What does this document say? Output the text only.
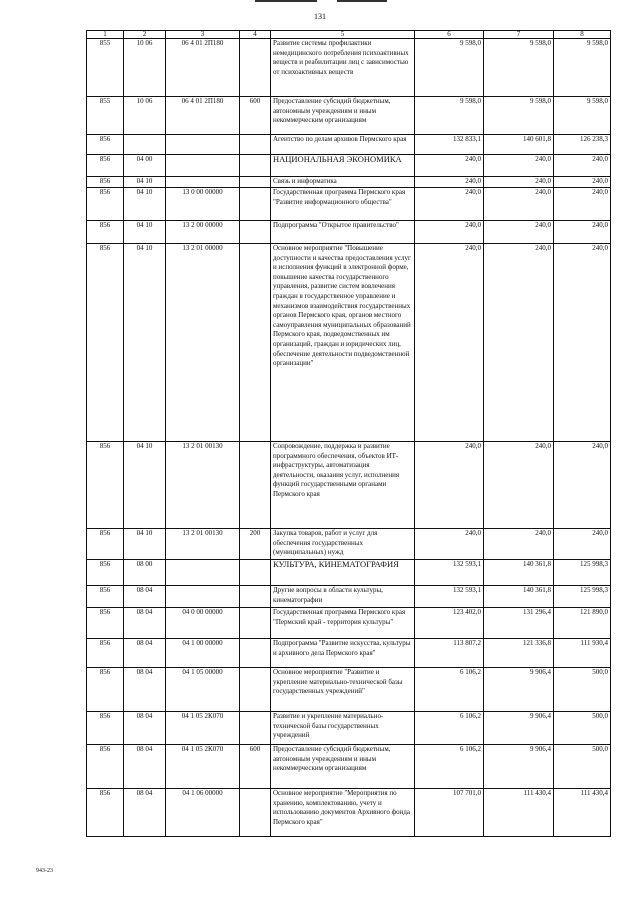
131
1	2	3	4	5	6	7	8
855	10 06	06 4 01 2П180		Развитие системы профилактики немедицинского потребления психоактивных веществ и реабилитации лиц с зависимостью от психоактивных веществ	9 598,0	9 598,0	9 598,0
855	10 06	06 4 01 2П180	600	Предоставление субсидий бюджетным, автономным учреждениям и иным некоммерческим организациям	9 598,0	9 598,0	9 598,0
856				Агентство по делам архивов Пермского края	132 833,1	140 601,8	126 238,3
856	04 00			НАЦИОНАЛЬНАЯ ЭКОНОМИКА	240,0	240,0	240,0
856	04 10			Связь и информатика	240,0	240,0	240,0
856	04 10	13 0 00 00000		Государственная программа Пермского края "Развитие информационного общества"	240,0	240,0	240,0
856	04 10	13 2 00 00000		Подпрограмма "Открытое правительство"	240,0	240,0	240,0
856	04 10	13 2 01 00000		Основное мероприятие "Повышение доступности и качества предоставления услуг и исполнения функций в электронной форме, повышение качества государственного управления, развитие систем вовлечения граждан в государственное управление и механизмов взаимодействия государственных органов Пермского края, органов местного самоуправления муниципальных образований Пермского края, подведомственных им организаций, граждан и юридических лиц, обеспечение деятельности подведомственной организации"	240,0	240,0	240,0
856	04 10	13 2 01 00130		Сопровождение, поддержка и развитие программного обеспечения, объектов ИТ-инфраструктуры, автоматизация деятельности, оказания услуг, исполнения функций государственными органами Пермского края	240,0	240,0	240,0
856	04 10	13 2 01 00130	200	Закупка товаров, работ и услуг для обеспечения государственных (муниципальных) нужд	240,0	240,0	240,0
856	08 00			КУЛЬТУРА, КИНЕМАТОГРАФИЯ	132 593,1	140 361,8	125 998,3
856	08 04			Другие вопросы в области культуры, кинематографии	132 593,1	140 361,8	125 998,3
856	08 04	04 0 00 00000		Государственная программа Пермского края "Пермский край - территория культуры"	123 402,0	131 296,4	121 890,0
856	08 04	04 1 00 00000		Подпрограмма "Развитие искусства, культуры и архивного дела Пермского края"	113 807,2	121 336,8	111 930,4
856	08 04	04 1 05 00000		Основное мероприятие "Развитие и укрепление материально-технической базы государственных учреждений"	6 106,2	9 906,4	500,0
856	08 04	04 1 05 2К070		Развитие и укрепление материально-технической базы государственных учреждений	6 106,2	9 906,4	500,0
856	08 04	04 1 05 2К070	600	Предоставление субсидий бюджетным, автономным учреждениям и иным некоммерческим организациям	6 106,2	9 906,4	500,0
856	08 04	04 1 06 00000		Основное мероприятие "Мероприятия по хранению, комплектованию, учету и использованию документов Архивного фонда Пермского края"	107 701,0	111 430,4	111 430,4
943-23
